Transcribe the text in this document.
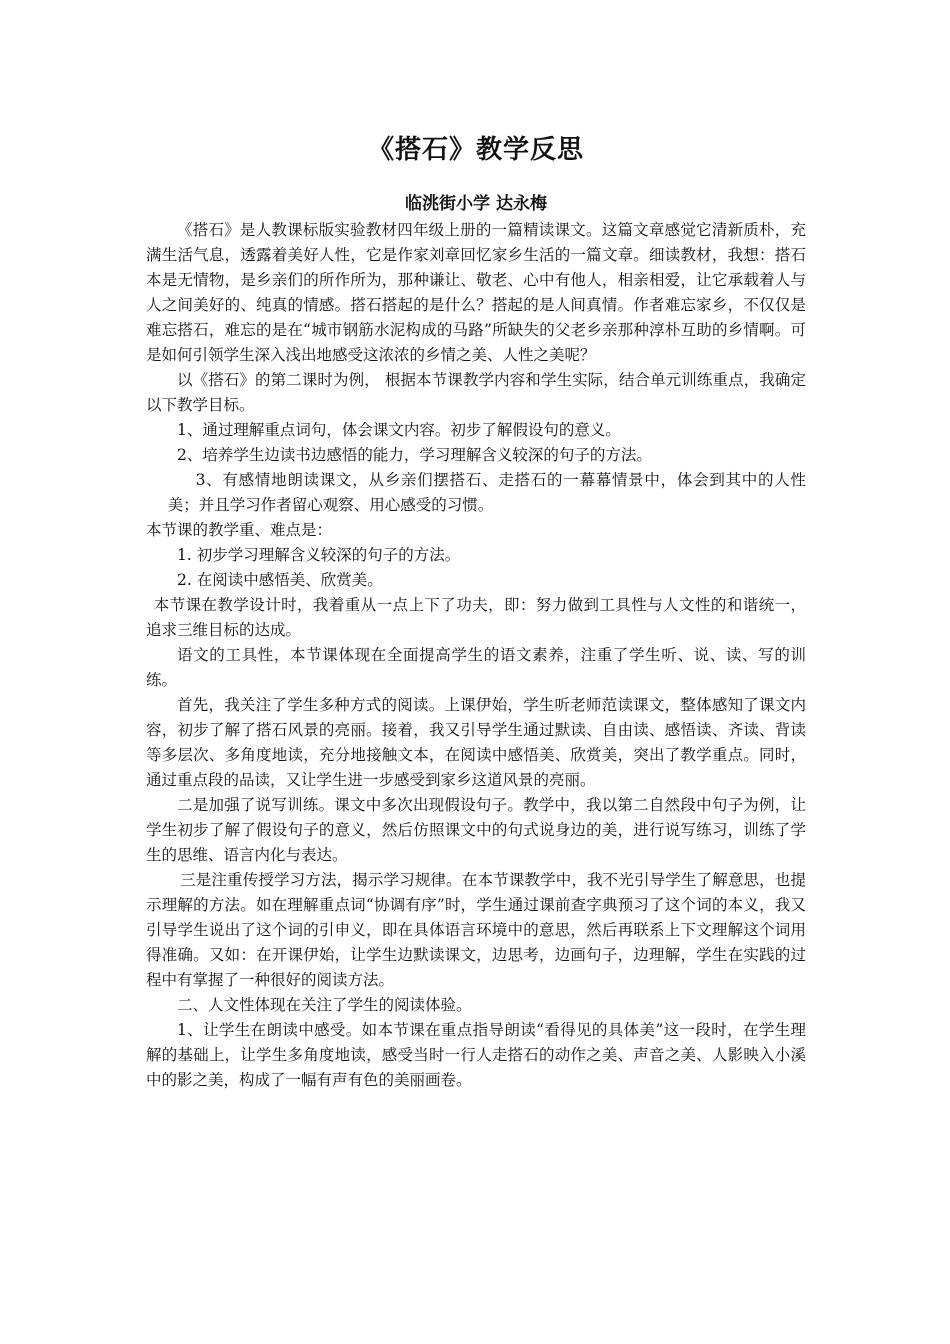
《搭石》教学反思
临洮街小学 达永梅

《搭石》是人教课标版实验教材四年级上册的一篇精读课文。这篇文章感觉它清新质朴，充满生活气息，透露着美好人性，它是作家刘章回忆家乡生活的一篇文章。细读教材，我想：搭石本是无情物，是乡亲们的所作所为，那种谦让、敬老、心中有他人，相亲相爱，让它承载着人与人之间美好的、纯真的情感。搭石搭起的是什么？搭起的是人间真情。作者难忘家乡，不仅仅是难忘搭石，难忘的是在“城市钢筋水泥构成的马路”所缺失的父老乡亲那种淳朴互助的乡情啊。可是如何引领学生深入浅出地感受这浓浓的乡情之美、人性之美呢？

以《搭石》的第二课时为例， 根据本节课教学内容和学生实际，结合单元训练重点，我确定以下教学目标。

1、通过理解重点词句，体会课文内容。初步了解假设句的意义。

2、培养学生边读书边感悟的能力，学习理解含义较深的句子的方法。

3、有感情地朗读课文，从乡亲们摆搭石、走搭石的一幕幕情景中，体会到其中的人性美；并且学习作者留心观察、用心感受的习惯。

本节课的教学重、难点是：

1. 初步学习理解含义较深的句子的方法。

2. 在阅读中感悟美、欣赏美。

本节课在教学设计时，我着重从一点上下了功夫，即：努力做到工具性与人文性的和谐统一， 追求三维目标的达成。

语文的工具性，本节课体现在全面提高学生的语文素养，注重了学生听、说、读、写的训练。

首先，我关注了学生多种方式的阅读。上课伊始，学生听老师范读课文，整体感知了课文内容，初步了解了搭石风景的亮丽。接着，我又引导学生通过默读、自由读、感悟读、齐读、背读等多层次、多角度地读，充分地接触文本，在阅读中感悟美、欣赏美，突出了教学重点。同时，通过重点段的品读，又让学生进一步感受到家乡这道风景的亮丽。

二是加强了说写训练。课文中多次出现假设句子。教学中，我以第二自然段中句子为例，让学生初步了解了假设句子的意义，然后仿照课文中的句式说身边的美，进行说写练习，训练了学生的思维、语言内化与表达。

三是注重传授学习方法，揭示学习规律。在本节课教学中，我不光引导学生了解意思，也提示理解的方法。如在理解重点词“协调有序”时，学生通过课前查字典预习了这个词的本义，我又引导学生说出了这个词的引申义，即在具体语言环境中的意思，然后再联系上下文理解这个词用得准确。又如：在开课伊始，让学生边默读课文，边思考，边画句子，边理解，学生在实践的过程中有掌握了一种很好的阅读方法。

二、人文性体现在关注了学生的阅读体验。

1、让学生在朗读中感受。如本节课在重点指导朗读“看得见的具体美”这一段时，在学生理解的基础上，让学生多角度地读，感受当时一行人走搭石的动作之美、声音之美、人影映入小溪中的影之美，构成了一幅有声有色的美丽画卷。
